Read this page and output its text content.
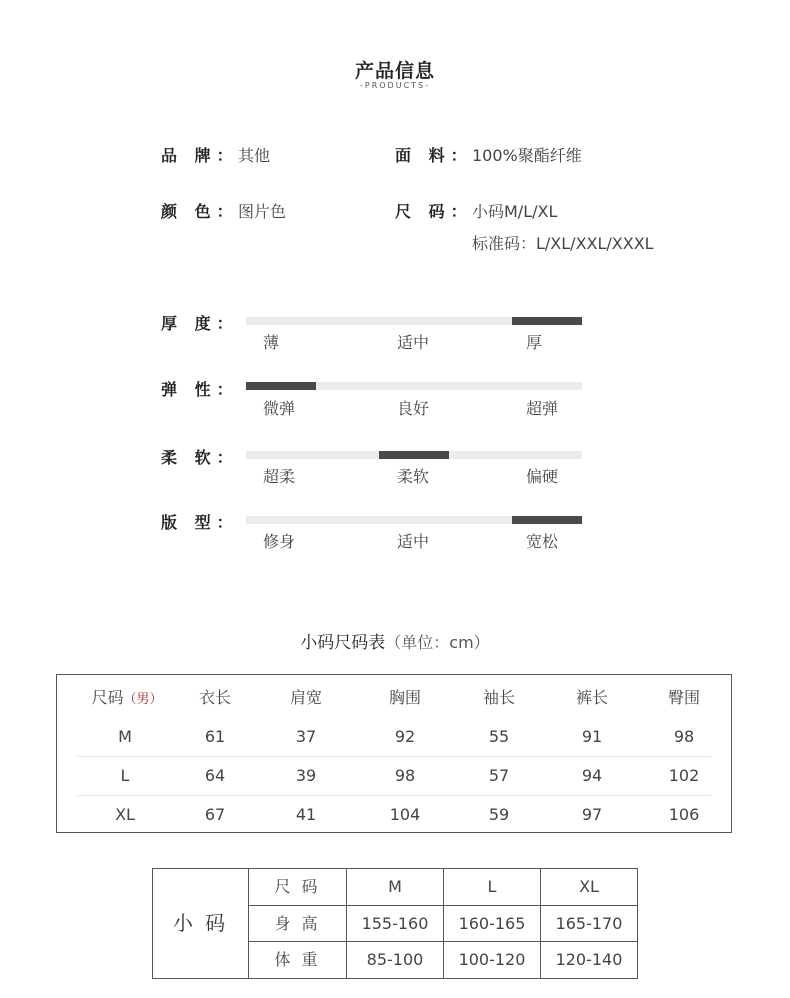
产品信息
-PRODUCTS-
品 牌： 其他	面 料： 100%聚酯纤维
颜 色： 图片色	尺 码： 小码M/L/XL
标准码：L/XL/XXL/XXXL
厚 度：
薄	适中	厚
弹 性：
微弹	良好	超弹
柔 软：
超柔	柔软	偏硬
版 型：
修身	适中	宽松
小码尺码表（单位：cm）
尺码（男）	衣长	肩宽	胸围	袖长	裤长	臀围
M	61	37	92	55	91	98
L	64	39	98	57	94	102
XL	67	41	104	59	97	106
小 码
尺 码	M	L	XL
身 高	155-160	160-165	165-170
体 重	85-100	100-120	120-140
